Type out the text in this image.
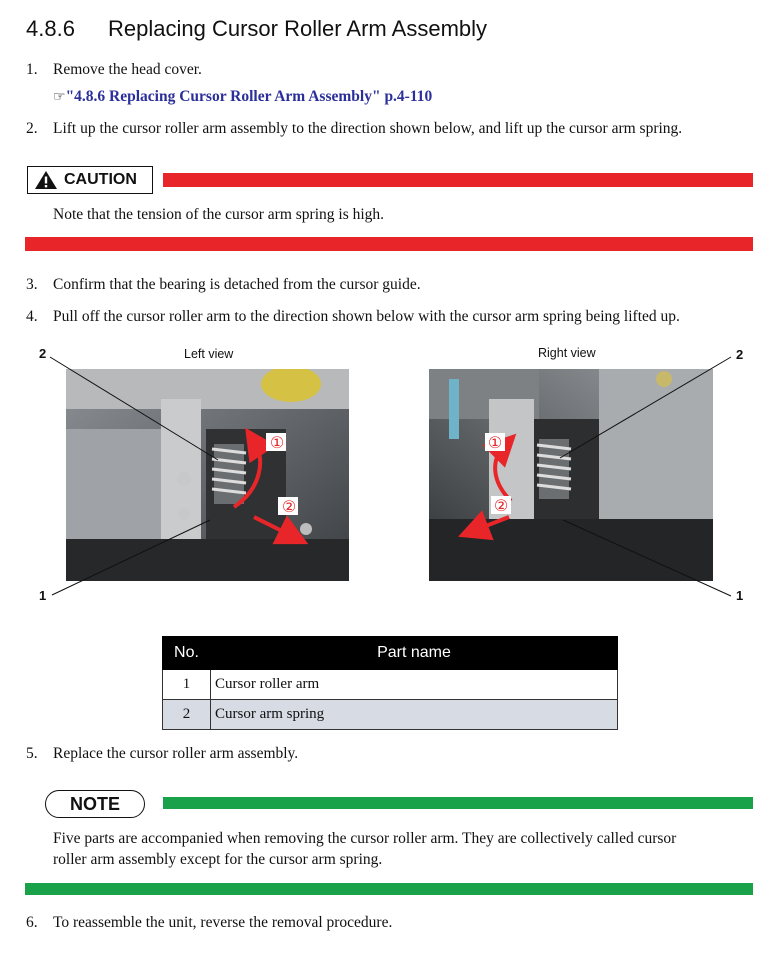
4.8.6 Replacing Cursor Roller Arm Assembly
1. Remove the head cover.
☞"4.8.6 Replacing Cursor Roller Arm Assembly" p.4-110
2. Lift up the cursor roller arm assembly to the direction shown below, and lift up the cursor arm spring.
CAUTION
Note that the tension of the cursor arm spring is high.
3. Confirm that the bearing is detached from the cursor guide.
4. Pull off the cursor roller arm to the direction shown below with the cursor arm spring being lifted up.
Left view	Right view
①
②
①
②
2
1
2
1
No.	Part name
1	Cursor roller arm
2	Cursor arm spring
5. Replace the cursor roller arm assembly.
NOTE
Five parts are accompanied when removing the cursor roller arm. They are collectively called cursor
roller arm assembly except for the cursor arm spring.
6. To reassemble the unit, reverse the removal procedure.
